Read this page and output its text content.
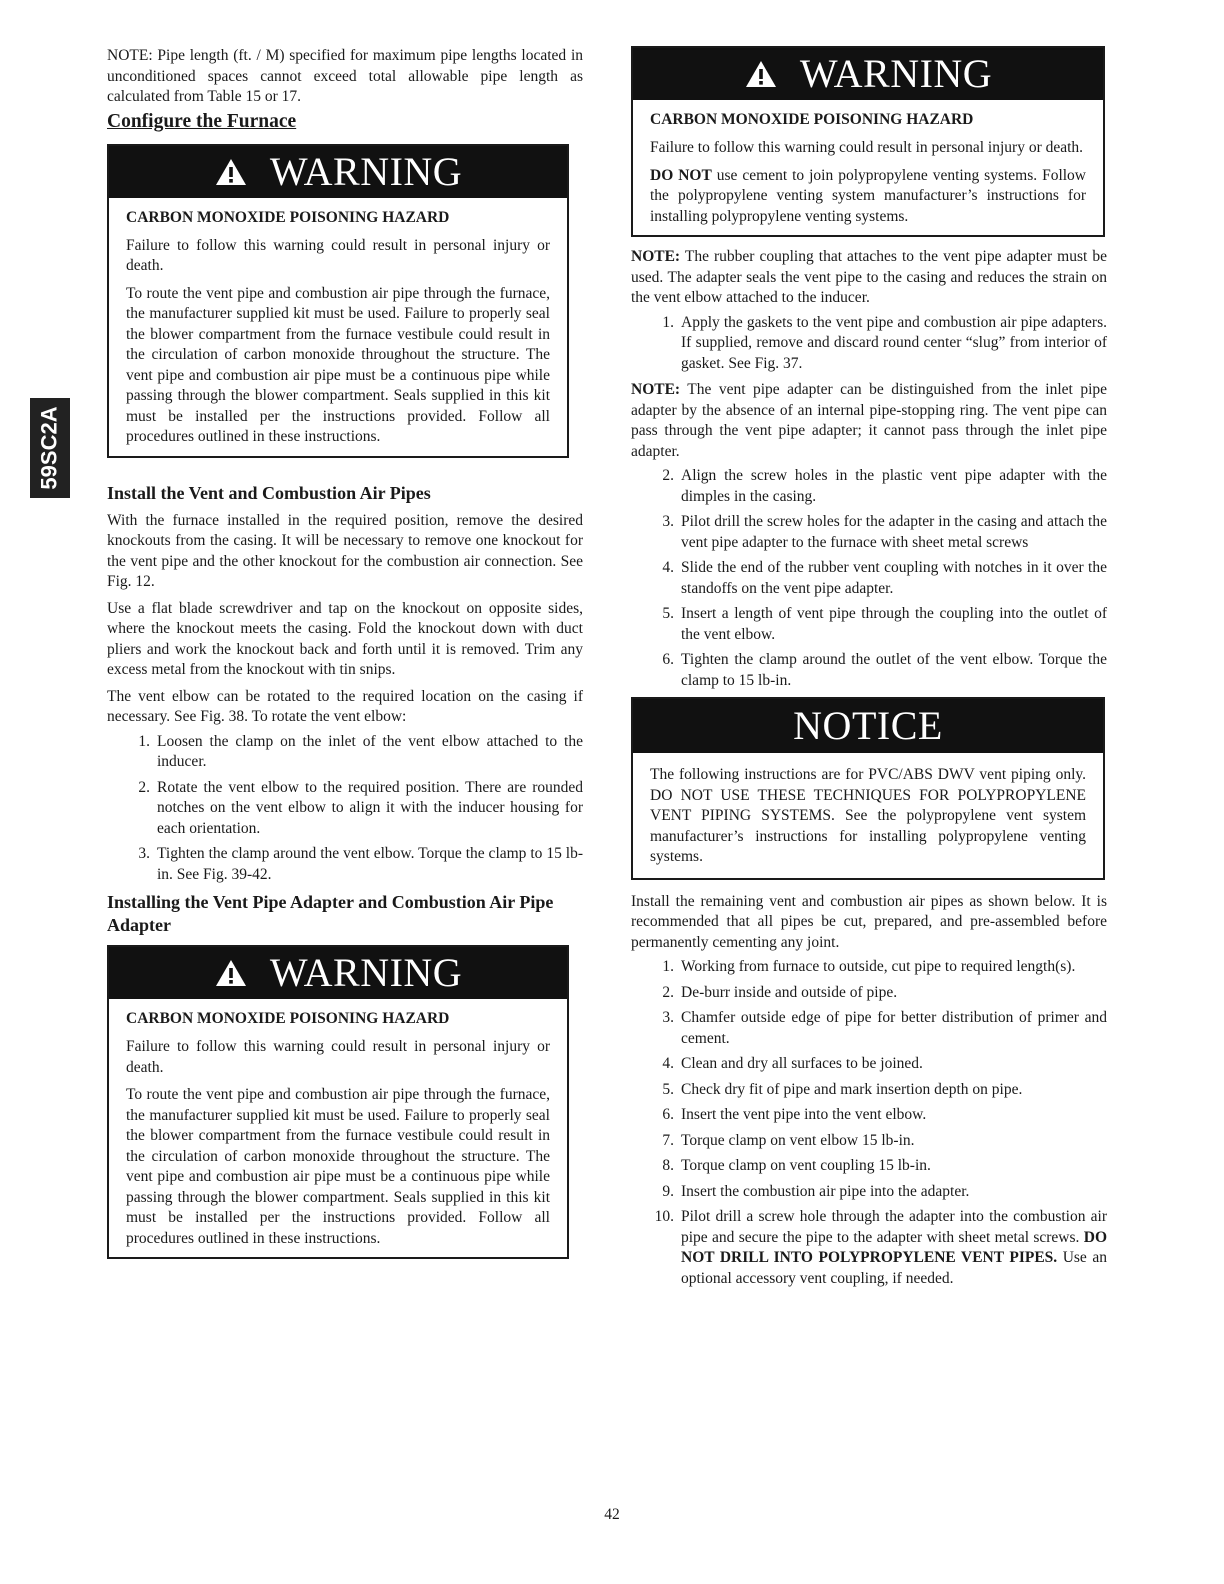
59SC2A

NOTE: Pipe length (ft. / M) specified for maximum pipe lengths located in unconditioned spaces cannot exceed total allowable pipe length as calculated from Table 15 or 17.

Configure the Furnace
WARNING
CARBON MONOXIDE POISONING HAZARD

Failure to follow this warning could result in personal injury or death.

To route the vent pipe and combustion air pipe through the furnace, the manufacturer supplied kit must be used. Failure to properly seal the blower compartment from the furnace vestibule could result in the circulation of carbon monoxide throughout the structure. The vent pipe and combustion air pipe must be a continuous pipe while passing through the blower compartment. Seals supplied in this kit must be installed per the instructions provided. Follow all procedures outlined in these instructions.

Install the Vent and Combustion Air Pipes

With the furnace installed in the required position, remove the desired knockouts from the casing. It will be necessary to remove one knockout for the vent pipe and the other knockout for the combustion air connection. See Fig. 12.

Use a flat blade screwdriver and tap on the knockout on opposite sides, where the knockout meets the casing. Fold the knockout down with duct pliers and work the knockout back and forth until it is removed. Trim any excess metal from the knockout with tin snips.

The vent elbow can be rotated to the required location on the casing if necessary. See Fig. 38. To rotate the vent elbow:

1. Loosen the clamp on the inlet of the vent elbow attached to the inducer.

2. Rotate the vent elbow to the required position. There are rounded notches on the vent elbow to align it with the inducer housing for each orientation.

3. Tighten the clamp around the vent elbow. Torque the clamp to 15 lb-in. See Fig. 39-42.

Installing the Vent Pipe Adapter and Combustion Air Pipe Adapter
WARNING
CARBON MONOXIDE POISONING HAZARD

Failure to follow this warning could result in personal injury or death.

To route the vent pipe and combustion air pipe through the furnace, the manufacturer supplied kit must be used. Failure to properly seal the blower compartment from the furnace vestibule could result in the circulation of carbon monoxide throughout the structure. The vent pipe and combustion air pipe must be a continuous pipe while passing through the blower compartment. Seals supplied in this kit must be installed per the instructions provided. Follow all procedures outlined in these instructions.

WARNING
CARBON MONOXIDE POISONING HAZARD

Failure to follow this warning could result in personal injury or death.

DO NOT use cement to join polypropylene venting systems. Follow the polypropylene venting system manufacturer’s instructions for installing polypropylene venting systems.

NOTE: The rubber coupling that attaches to the vent pipe adapter must be used. The adapter seals the vent pipe to the casing and reduces the strain on the vent elbow attached to the inducer.

1. Apply the gaskets to the vent pipe and combustion air pipe adapters. If supplied, remove and discard round center “slug” from interior of gasket. See Fig. 37.

NOTE: The vent pipe adapter can be distinguished from the inlet pipe adapter by the absence of an internal pipe-stopping ring. The vent pipe can pass through the vent pipe adapter; it cannot pass through the inlet pipe adapter.

2. Align the screw holes in the plastic vent pipe adapter with the dimples in the casing.

3. Pilot drill the screw holes for the adapter in the casing and attach the vent pipe adapter to the furnace with sheet metal screws

4. Slide the end of the rubber vent coupling with notches in it over the standoffs on the vent pipe adapter.

5. Insert a length of vent pipe through the coupling into the outlet of the vent elbow.

6. Tighten the clamp around the outlet of the vent elbow. Torque the clamp to 15 lb-in.

NOTICE

The following instructions are for PVC/ABS DWV vent piping only. DO NOT USE THESE TECHNIQUES FOR POLYPROPYLENE VENT PIPING SYSTEMS. See the polypropylene vent system manufacturer’s instructions for installing polypropylene venting systems.

Install the remaining vent and combustion air pipes as shown below. It is recommended that all pipes be cut, prepared, and pre-assembled before permanently cementing any joint.

1. Working from furnace to outside, cut pipe to required length(s).

2. De-burr inside and outside of pipe.

3. Chamfer outside edge of pipe for better distribution of primer and cement.

4. Clean and dry all surfaces to be joined.

5. Check dry fit of pipe and mark insertion depth on pipe.

6. Insert the vent pipe into the vent elbow.

7. Torque clamp on vent elbow 15 lb-in.

8. Torque clamp on vent coupling 15 lb-in.

9. Insert the combustion air pipe into the adapter.

10. Pilot drill a screw hole through the adapter into the combustion air pipe and secure the pipe to the adapter with sheet metal screws. DO NOT DRILL INTO POLYPROPYLENE VENT PIPES. Use an optional accessory vent coupling, if needed.

42
